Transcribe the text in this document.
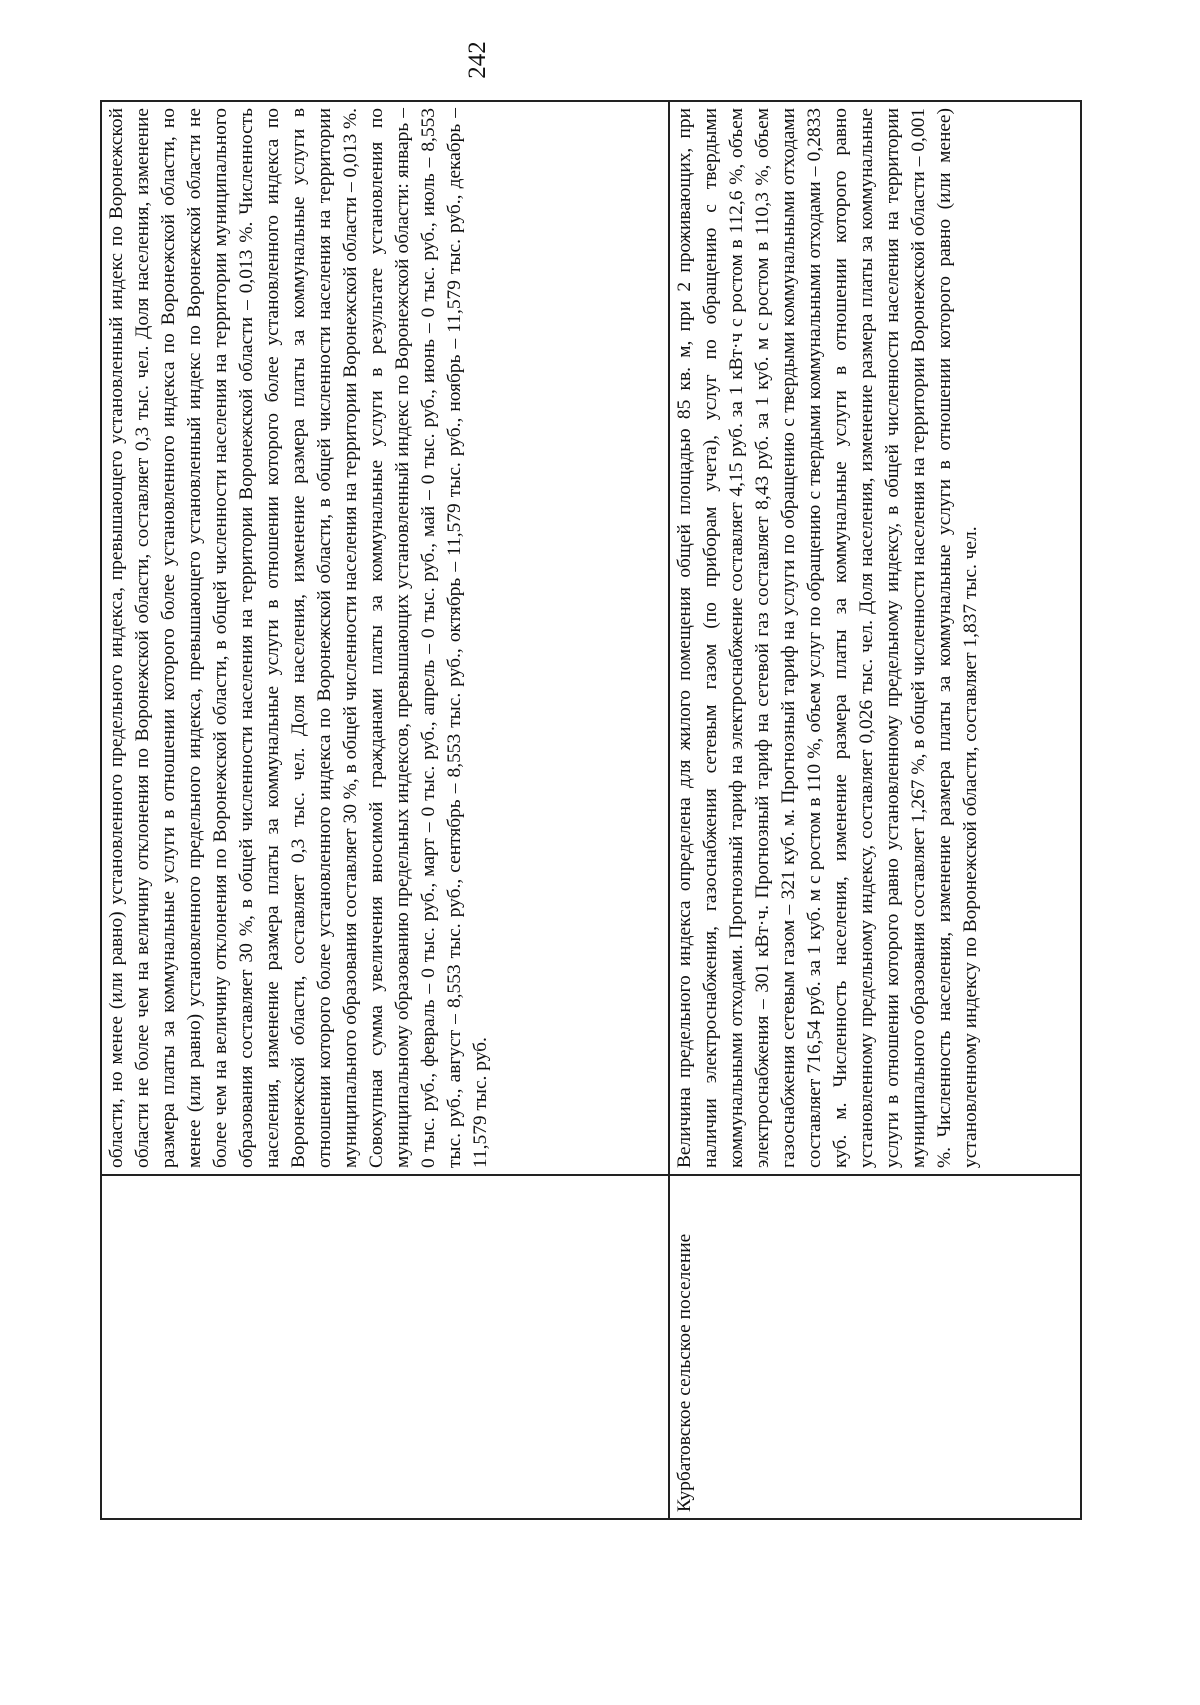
242
	области, но менее (или равно) установленного предельного индекса, превышающего установленный индекс по Воронежской области не более чем на величину отклонения по Воронежской области, составляет 0,3 тыс. чел. Доля населения, изменение размера платы за коммунальные услуги в отношении которого более установленного индекса по Воронежской области, но менее (или равно) установленного предельного индекса, превышающего установленный индекс по Воронежской области не более чем на величину отклонения по Воронежской области, в общей численности населения на территории муниципального образования составляет 30 %, в общей численности населения на территории Воронежской области – 0,013 %. Численность населения, изменение размера платы за коммунальные услуги в отношении которого более установленного индекса по Воронежской области, составляет 0,3 тыс. чел. Доля населения, изменение размера платы за коммунальные услуги в отношении которого более установленного индекса по Воронежской области, в общей численности населения на территории муниципального образования составляет 30 %, в общей численности населения на территории Воронежской области – 0,013 %. Совокупная сумма увеличения вносимой гражданами платы за коммунальные услуги в результате установления по муниципальному образованию предельных индексов, превышающих установленный индекс по Воронежской области: январь – 0 тыс. руб., февраль – 0 тыс. руб., март – 0 тыс. руб., апрель – 0 тыс. руб., май – 0 тыс. руб., июнь – 0 тыс. руб., июль – 8,553 тыс. руб., август – 8,553 тыс. руб., сентябрь – 8,553 тыс. руб., октябрь – 11,579 тыс. руб., ноябрь – 11,579 тыс. руб., декабрь – 11,579 тыс. руб.
Курбатовское сельское поселение	Величина предельного индекса определена для жилого помещения общей площадью 85 кв. м, при 2 проживающих, при наличии электроснабжения, газоснабжения сетевым газом (по приборам учета), услуг по обращению с твердыми коммунальными отходами. Прогнозный тариф на электроснабжение составляет 4,15 руб. за 1 кВт·ч с ростом в 112,6 %, объем электроснабжения – 301 кВт·ч. Прогнозный тариф на сетевой газ составляет 8,43 руб. за 1 куб. м с ростом в 110,3 %, объем газоснабжения сетевым газом – 321 куб. м. Прогнозный тариф на услуги по обращению с твердыми коммунальными отходами составляет 716,54 руб. за 1 куб. м с ростом в 110 %, объем услуг по обращению с твердыми коммунальными отходами – 0,2833 куб. м. Численность населения, изменение размера платы за коммунальные услуги в отношении которого равно установленному предельному индексу, составляет 0,026 тыс. чел. Доля населения, изменение размера платы за коммунальные услуги в отношении которого равно установленному предельному индексу, в общей численности населения на территории муниципального образования составляет 1,267 %, в общей численности населения на территории Воронежской области – 0,001 %. Численность населения, изменение размера платы за коммунальные услуги в отношении которого равно (или менее) установленному индексу по Воронежской области, составляет 1,837 тыс. чел.
